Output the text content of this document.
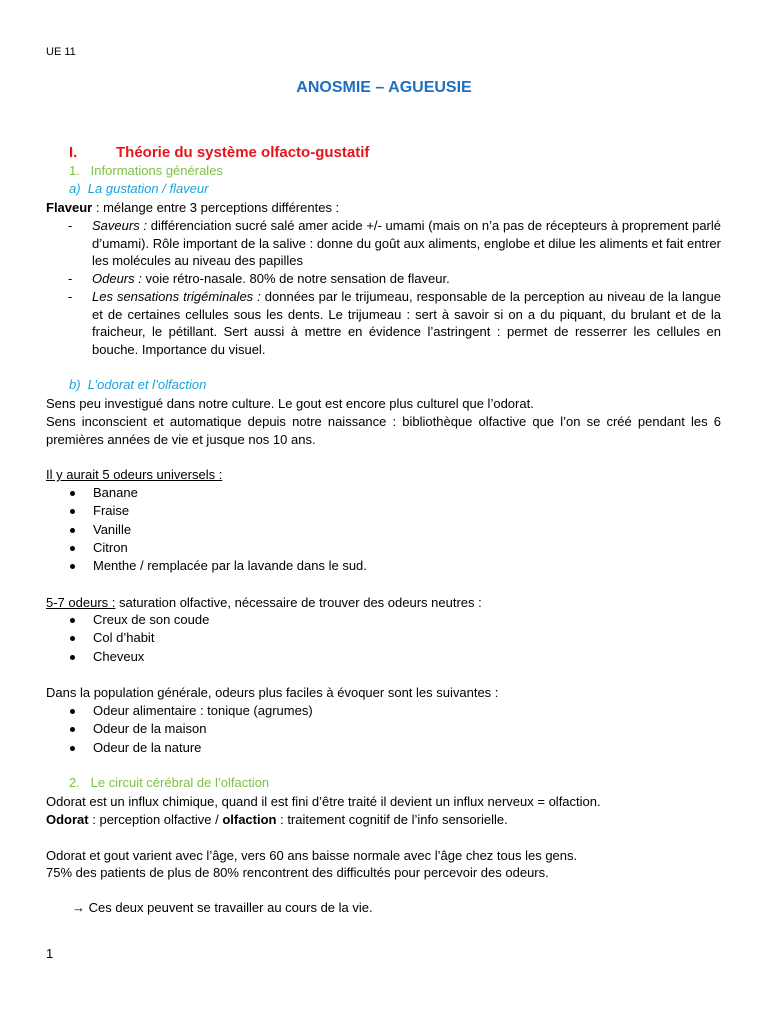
UE 11
ANOSMIE – AGUEUSIE
I.	Théorie du système olfacto-gustatif
1.   Informations générales
a)  La gustation / flaveur
Flaveur : mélange entre 3 perceptions différentes :
- Saveurs : différenciation sucré salé amer acide +/- umami (mais on n’a pas de récepteurs à proprement parlé d’umami). Rôle important de la salive : donne du goût aux aliments, englobe et dilue les aliments et fait entrer les molécules au niveau des papilles
- Odeurs : voie rétro-nasale. 80% de notre sensation de flaveur.
- Les sensations trigéminales : données par le trijumeau, responsable de la perception au niveau de la langue et de certaines cellules sous les dents. Le trijumeau : sert à savoir si on a du piquant, du brulant et de la fraicheur, le pétillant. Sert aussi à mettre en évidence l’astringent : permet de resserrer les cellules en bouche. Importance du visuel.
b)  L’odorat et l’olfaction
Sens peu investigué dans notre culture. Le gout est encore plus culturel que l’odorat.
Sens inconscient et automatique depuis notre naissance : bibliothèque olfactive que l’on se créé pendant les 6 premières années de vie et jusque nos 10 ans.
Il y aurait 5 odeurs universels :
Banane
Fraise
Vanille
Citron
Menthe / remplacée par la lavande dans le sud.
5-7 odeurs : saturation olfactive, nécessaire de trouver des odeurs neutres :
Creux de son coude
Col d’habit
Cheveux
Dans la population générale, odeurs plus faciles à évoquer sont les suivantes :
Odeur alimentaire : tonique (agrumes)
Odeur de la maison
Odeur de la nature
2.   Le circuit cérébral de l’olfaction
Odorat est un influx chimique, quand il est fini d’être traité il devient un influx nerveux = olfaction.
Odorat : perception olfactive / olfaction : traitement cognitif de l’info sensorielle.
Odorat et gout varient avec l’âge, vers 60 ans baisse normale avec l’âge chez tous les gens.
75% des patients de plus de 80% rencontrent des difficultés pour percevoir des odeurs.
→ Ces deux peuvent se travailler au cours de la vie.
1
